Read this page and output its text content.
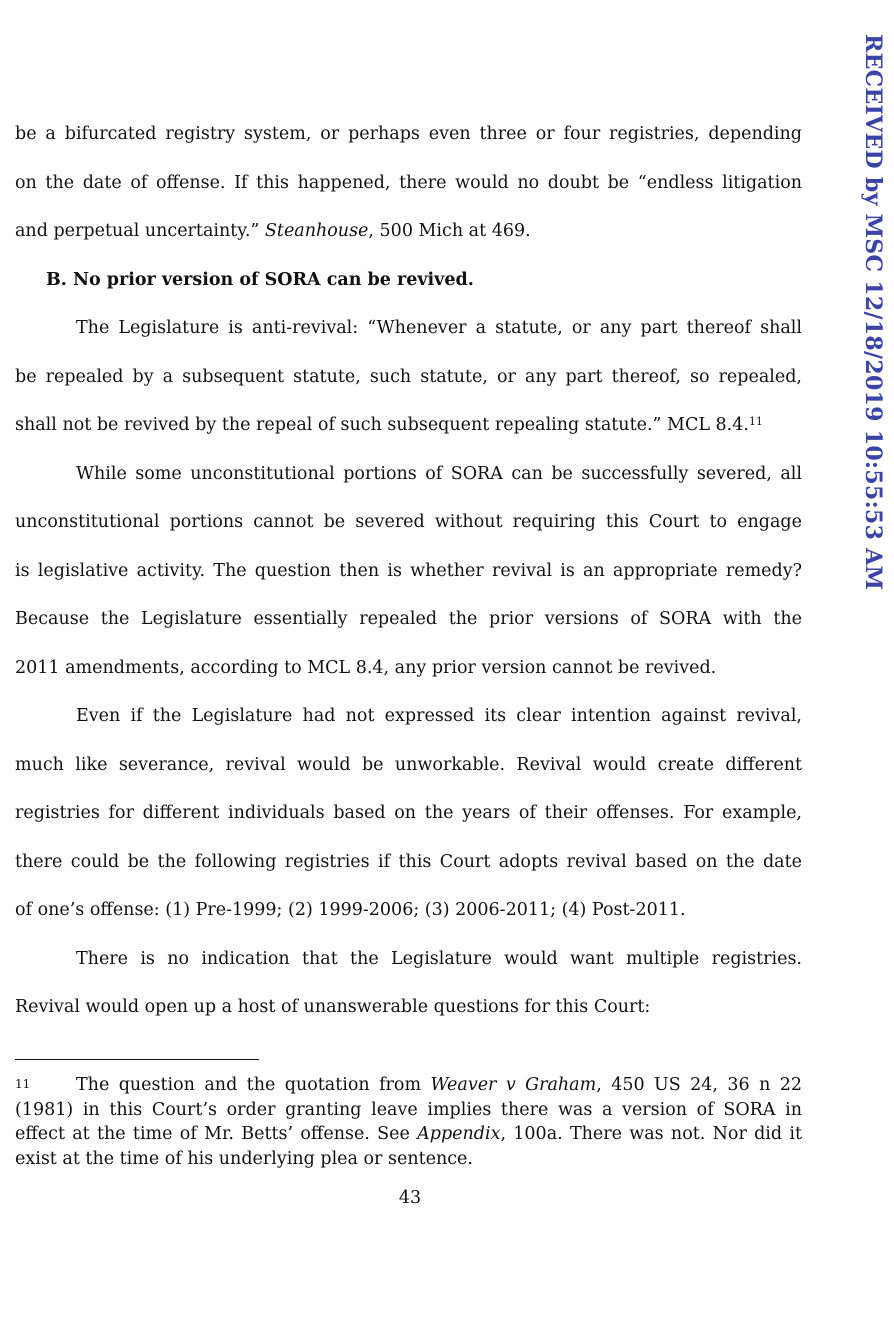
be a bifurcated registry system, or perhaps even three or four registries, depending
on the date of offense. If this happened, there would no doubt be “endless litigation
and perpetual uncertainty.” Steanhouse, 500 Mich at 469.
B. No prior version of SORA can be revived.
The Legislature is anti-revival: “Whenever a statute, or any part thereof shall
be repealed by a subsequent statute, such statute, or any part thereof, so repealed,
shall not be revived by the repeal of such subsequent repealing statute.” MCL 8.4.11
While some unconstitutional portions of SORA can be successfully severed, all
unconstitutional portions cannot be severed without requiring this Court to engage
is legislative activity. The question then is whether revival is an appropriate remedy?
Because the Legislature essentially repealed the prior versions of SORA with the
2011 amendments, according to MCL 8.4, any prior version cannot be revived.
Even if the Legislature had not expressed its clear intention against revival,
much like severance, revival would be unworkable. Revival would create different
registries for different individuals based on the years of their offenses. For example,
there could be the following registries if this Court adopts revival based on the date
of one’s offense: (1) Pre-1999; (2) 1999-2006; (3) 2006-2011; (4) Post-2011.
There is no indication that the Legislature would want multiple registries.
Revival would open up a host of unanswerable questions for this Court:
11	The question and the quotation from Weaver v Graham, 450 US 24, 36 n 22
(1981) in this Court’s order granting leave implies there was a version of SORA in
effect at the time of Mr. Betts’ offense. See Appendix, 100a. There was not. Nor did it
exist at the time of his underlying plea or sentence.
43
RECEIVED by MSC 12/18/2019 10:55:53 AM
